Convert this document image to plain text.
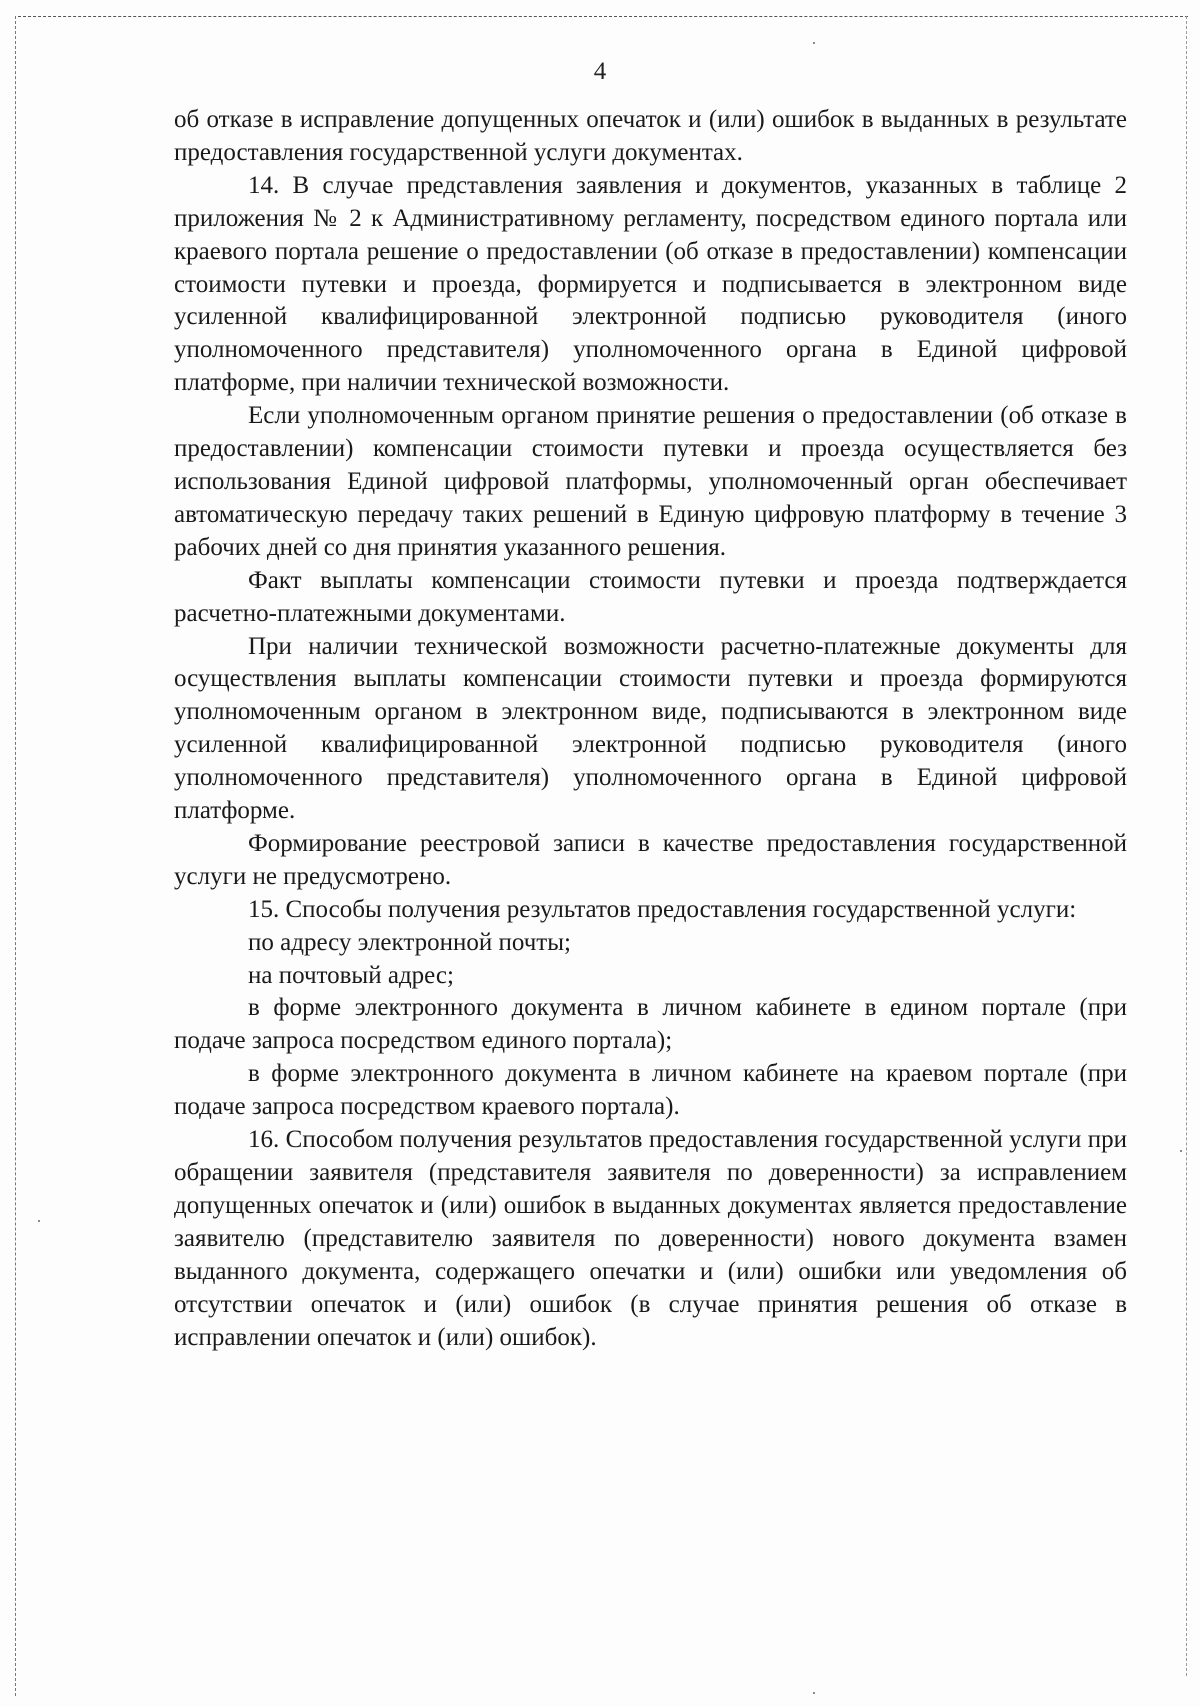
4

об отказе в исправление допущенных опечаток и (или) ошибок в выданных в результате предоставления государственной услуги документах.

14. В случае представления заявления и документов, указанных в таблице 2 приложения № 2 к Административному регламенту, посредством единого портала или краевого портала решение о предоставлении (об отказе в предоставлении) компенсации стоимости путевки и проезда, формируется и подписывается в электронном виде усиленной квалифицированной электронной подписью руководителя (иного уполномоченного представителя) уполномоченного органа в Единой цифровой платформе, при наличии технической возможности.

Если уполномоченным органом принятие решения о предоставлении (об отказе в предоставлении) компенсации стоимости путевки и проезда осуществляется без использования Единой цифровой платформы, уполномоченный орган обеспечивает автоматическую передачу таких решений в Единую цифровую платформу в течение 3 рабочих дней со дня принятия указанного решения.

Факт выплаты компенсации стоимости путевки и проезда подтверждается расчетно-платежными документами.

При наличии технической возможности расчетно-платежные документы для осуществления выплаты компенсации стоимости путевки и проезда формируются уполномоченным органом в электронном виде, подписываются в электронном виде усиленной квалифицированной электронной подписью руководителя (иного уполномоченного представителя) уполномоченного органа в Единой цифровой платформе.

Формирование реестровой записи в качестве предоставления государственной услуги не предусмотрено.

15. Способы получения результатов предоставления государственной услуги:

по адресу электронной почты;

на почтовый адрес;

в форме электронного документа в личном кабинете в едином портале (при подаче запроса посредством единого портала);

в форме электронного документа в личном кабинете на краевом портале (при подаче запроса посредством краевого портала).

16. Способом получения результатов предоставления государственной услуги при обращении заявителя (представителя заявителя по доверенности) за исправлением допущенных опечаток и (или) ошибок в выданных документах является предоставление заявителю (представителю заявителя по доверенности) нового документа взамен выданного документа, содержащего опечатки и (или) ошибки или уведомления об отсутствии опечаток и (или) ошибок (в случае принятия решения об отказе в исправлении опечаток и (или) ошибок).
